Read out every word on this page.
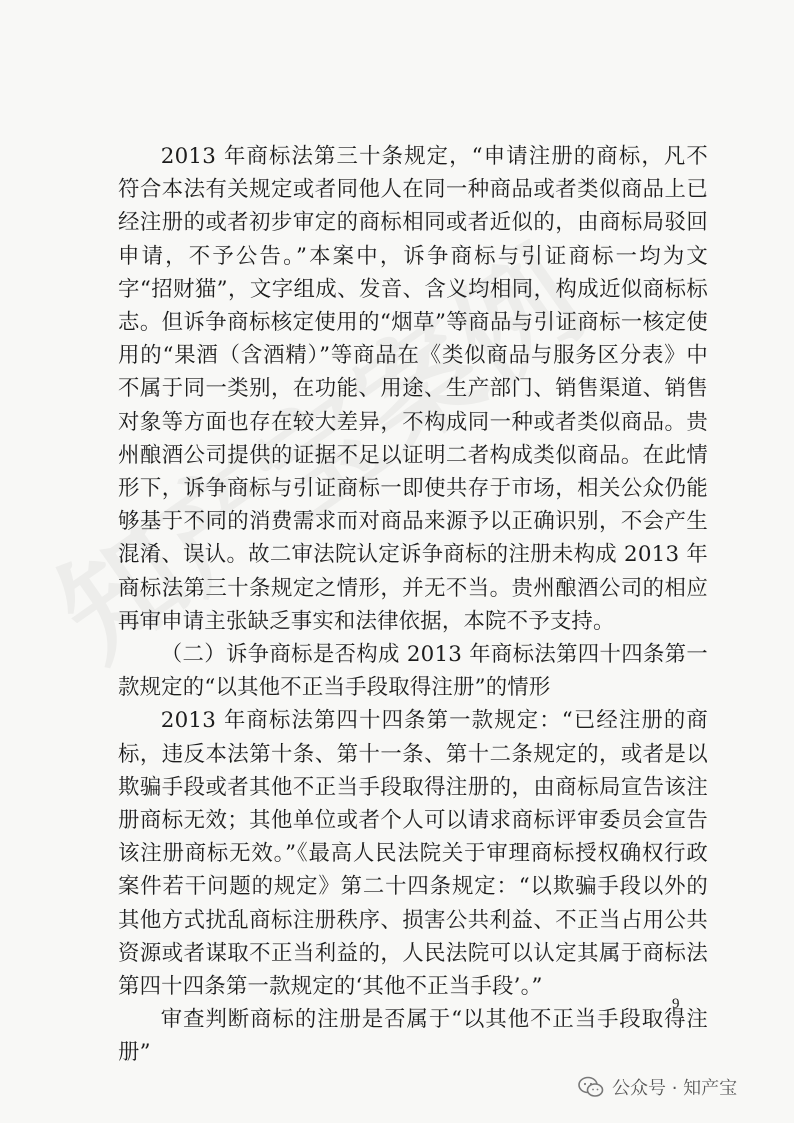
2013 年商标法第三十条规定，“申请注册的商标，凡不符合本法有关规定或者同他人在同一种商品或者类似商品上已经注册的或者初步审定的商标相同或者近似的，由商标局驳回申请，不予公告。”本案中，诉争商标与引证商标一均为文字“招财猫”，文字组成、发音、含义均相同，构成近似商标标志。但诉争商标核定使用的“烟草”等商品与引证商标一核定使用的“果酒（含酒精）”等商品在《类似商品与服务区分表》中不属于同一类别，在功能、用途、生产部门、销售渠道、销售对象等方面也存在较大差异，不构成同一种或者类似商品。贵州酿酒公司提供的证据不足以证明二者构成类似商品。在此情形下，诉争商标与引证商标一即使共存于市场，相关公众仍能够基于不同的消费需求而对商品来源予以正确识别，不会产生混淆、误认。故二审法院认定诉争商标的注册未构成 2013 年商标法第三十条规定之情形，并无不当。贵州酿酒公司的相应再审申请主张缺乏事实和法律依据，本院不予支持。

（二）诉争商标是否构成 2013 年商标法第四十四条第一款规定的“以其他不正当手段取得注册”的情形

2013 年商标法第四十四条第一款规定：“已经注册的商标，违反本法第十条、第十一条、第十二条规定的，或者是以欺骗手段或者其他不正当手段取得注册的，由商标局宣告该注册商标无效；其他单位或者个人可以请求商标评审委员会宣告该注册商标无效。”《最高人民法院关于审理商标授权确权行政案件若干问题的规定》第二十四条规定：“以欺骗手段以外的其他方式扰乱商标注册秩序、损害公共利益、不正当占用公共资源或者谋取不正当利益的，人民法院可以认定其属于商标法第四十四条第一款规定的‘其他不正当手段’。”

审查判断商标的注册是否属于“以其他不正当手段取得注册”

9
公众号 · 知产宝
